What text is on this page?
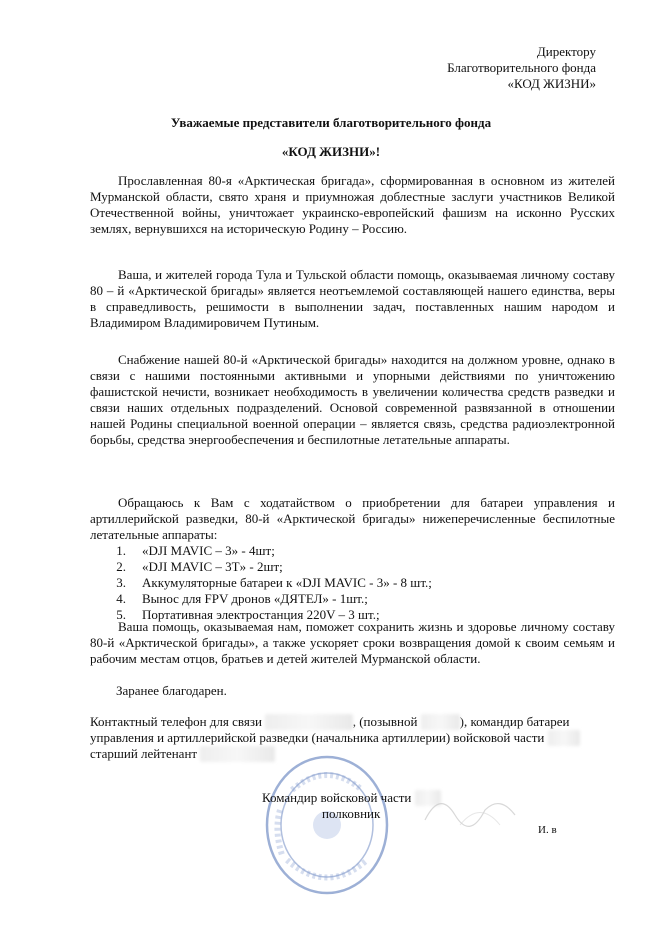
Директору
Благотворительного фонда
«КОД ЖИЗНИ»
Уважаемые представители благотворительного фонда
«КОД ЖИЗНИ»!
Прославленная 80-я «Арктическая бригада», сформированная в основном из жителей Мурманской области, свято храня и приумножая доблестные заслуги участников Великой Отечественной войны, уничтожает украинско-европейский фашизм на исконно Русских землях, вернувшихся на историческую Родину – Россию.
Ваша, и жителей города Тула и Тульской области помощь, оказываемая личному составу 80 – й «Арктической бригады» является неотъемлемой составляющей нашего единства, веры в справедливость, решимости в выполнении задач, поставленных нашим народом и Владимиром Владимировичем Путиным.
Снабжение нашей 80-й «Арктической бригады» находится на должном уровне, однако в связи с нашими постоянными активными и упорными действиями по уничтожению фашистской нечисти, возникает необходимость в увеличении количества средств разведки и связи наших отдельных подразделений. Основой современной развязанной в отношении нашей Родины специальной военной операции – является связь, средства радиоэлектронной борьбы, средства энергообеспечения и беспилотные летательные аппараты.
Обращаюсь к Вам с ходатайством о приобретении для батареи управления и артиллерийской разведки, 80-й «Арктической бригады» нижеперечисленные беспилотные летательные аппараты:
1. «DJI MAVIC – 3» - 4шт;
2. «DJI MAVIC – 3T» - 2шт;
3. Аккумуляторные батареи к «DJI MAVIC - 3» - 8 шт.;
4. Вынос для FPV дронов «ДЯТЕЛ» - 1шт.;
5. Портативная электростанция 220V – 3 шт.;
Ваша помощь, оказываемая нам, поможет сохранить жизнь и здоровье личному составу 80-й «Арктической бригады», а также ускоряет сроки возвращения домой к своим семьям и рабочим местам отцов, братьев и детей жителей Мурманской области.
Заранее благодарен.
Контактный телефон для связи	, (позывной	), командир батареи
управления и артиллерийской разведки (начальника артиллерии) войсковой части
старший лейтенант
Командир войсковой части
полковник
И. в
